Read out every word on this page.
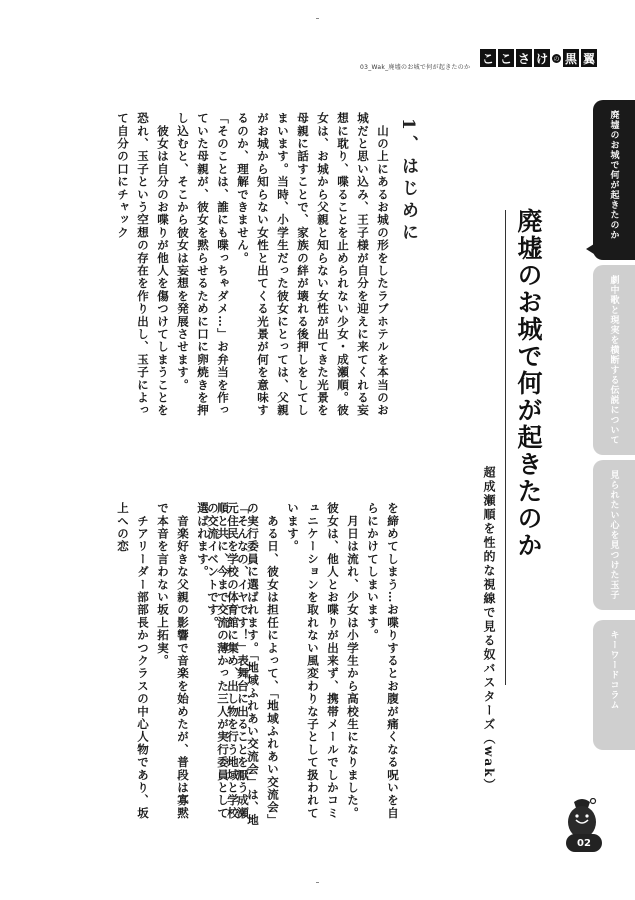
03_Wak_廃墟のお城で何が起きたのか
こ こ さ け の 黒 翼
廃墟のお城で何が起きたのか
劇中歌と現実を横断する伝説について
見られたい心を見つけた玉子
キーワードコラム
1、はじめに
廃墟のお城で何が起きたのか
超成瀬順を性的な視線で見る奴バスターズ（wak）

　山の上にあるお城の形をしたラブホテルを本当のお城だと思い込み、王子様が自分を迎えに来てくれる妄想に耽り、喋ることを止められない少女・成瀬順。彼女は、お城から父親と知らない女性が出てきた光景を母親に話すことで、家族の絆が壊れる後押しをしてしまいます。当時、小学生だった彼女にとっては、父親がお城から知らない女性と出てくる光景が何を意味するのか、理解できません。

「そのことは、誰にも喋っちゃダメ…」お弁当を作っていた母親が、彼女を黙らせるために口に卵焼きを押し込むと、そこから彼女は妄想を発展させます。

　彼女は自分のお喋りが他人を傷つけてしまうことを恐れ、玉子という空想の存在を作り出し、玉子によって自分の口にチャック

を締めてしまう…お喋りするとお腹が痛くなる呪いを自らにかけてしまいます。

　月日は流れ、少女は小学生から高校生になりました。彼女は、他人とお喋りが出来ず、携帯メールでしかコミュニケーションを取れない風変わりな子として扱われています。

　ある日、彼女は担任によって、「地域ふれあい交流会」の実行委員に選ばれます。「地域ふれあい交流会」は、地元住民を学校の体育館に集め、出し物を行う地域と学校の交流イベントです。	「そんなの、イヤです！」表舞台に出ることを厭う成瀬順と共に、今まで交流の薄かった三人が実行委員として選ばれます。

　音楽好きな父親の影響で音楽を始めたが、普段は寡黙で本音を言わない坂上拓実。

　チアリーダー部部長かつクラスの中心人物であり、坂上への恋

02
